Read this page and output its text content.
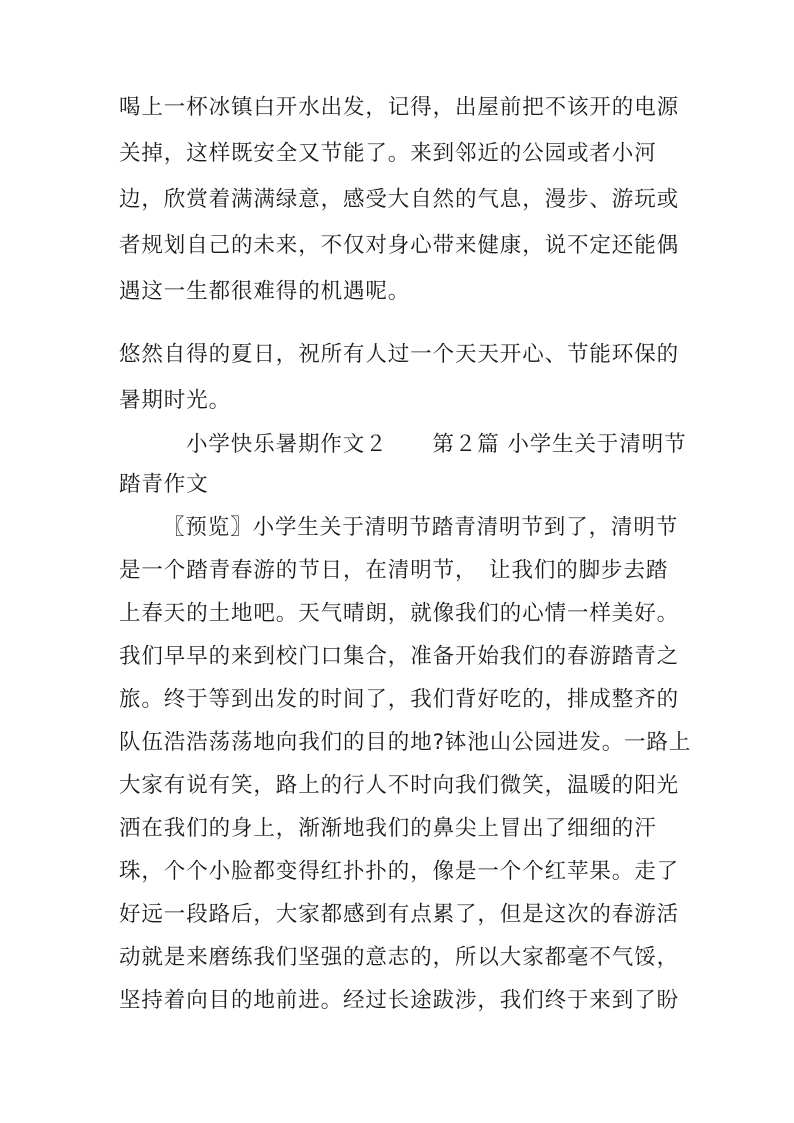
喝上一杯冰镇白开水出发，记得，出屋前把不该开的电源
关掉，这样既安全又节能了。来到邻近的公园或者小河
边，欣赏着满满绿意，感受大自然的气息，漫步、游玩或
者规划自己的未来，不仅对身心带来健康，说不定还能偶
遇这一生都很难得的机遇呢。
悠然自得的夏日，祝所有人过一个天天开心、节能环保的
暑期时光。
小学快乐暑期作文２　　第２篇 小学生关于清明节
踏青作文
〖预览〗小学生关于清明节踏青清明节到了，清明节
是一个踏青春游的节日，在清明节，　让我们的脚步去踏
上春天的土地吧。天气晴朗，就像我们的心情一样美好。
我们早早的来到校门口集合，准备开始我们的春游踏青之
旅。终于等到出发的时间了，我们背好吃的，排成整齐的
队伍浩浩荡荡地向我们的目的地?钵池山公园进发。一路上
大家有说有笑，路上的行人不时向我们微笑，温暖的阳光
洒在我们的身上，渐渐地我们的鼻尖上冒出了细细的汗
珠，个个小脸都变得红扑扑的，像是一个个红苹果。走了
好远一段路后，大家都感到有点累了，但是这次的春游活
动就是来磨练我们坚强的意志的，所以大家都毫不气馁，
坚持着向目的地前进。经过长途跋涉，我们终于来到了盼
